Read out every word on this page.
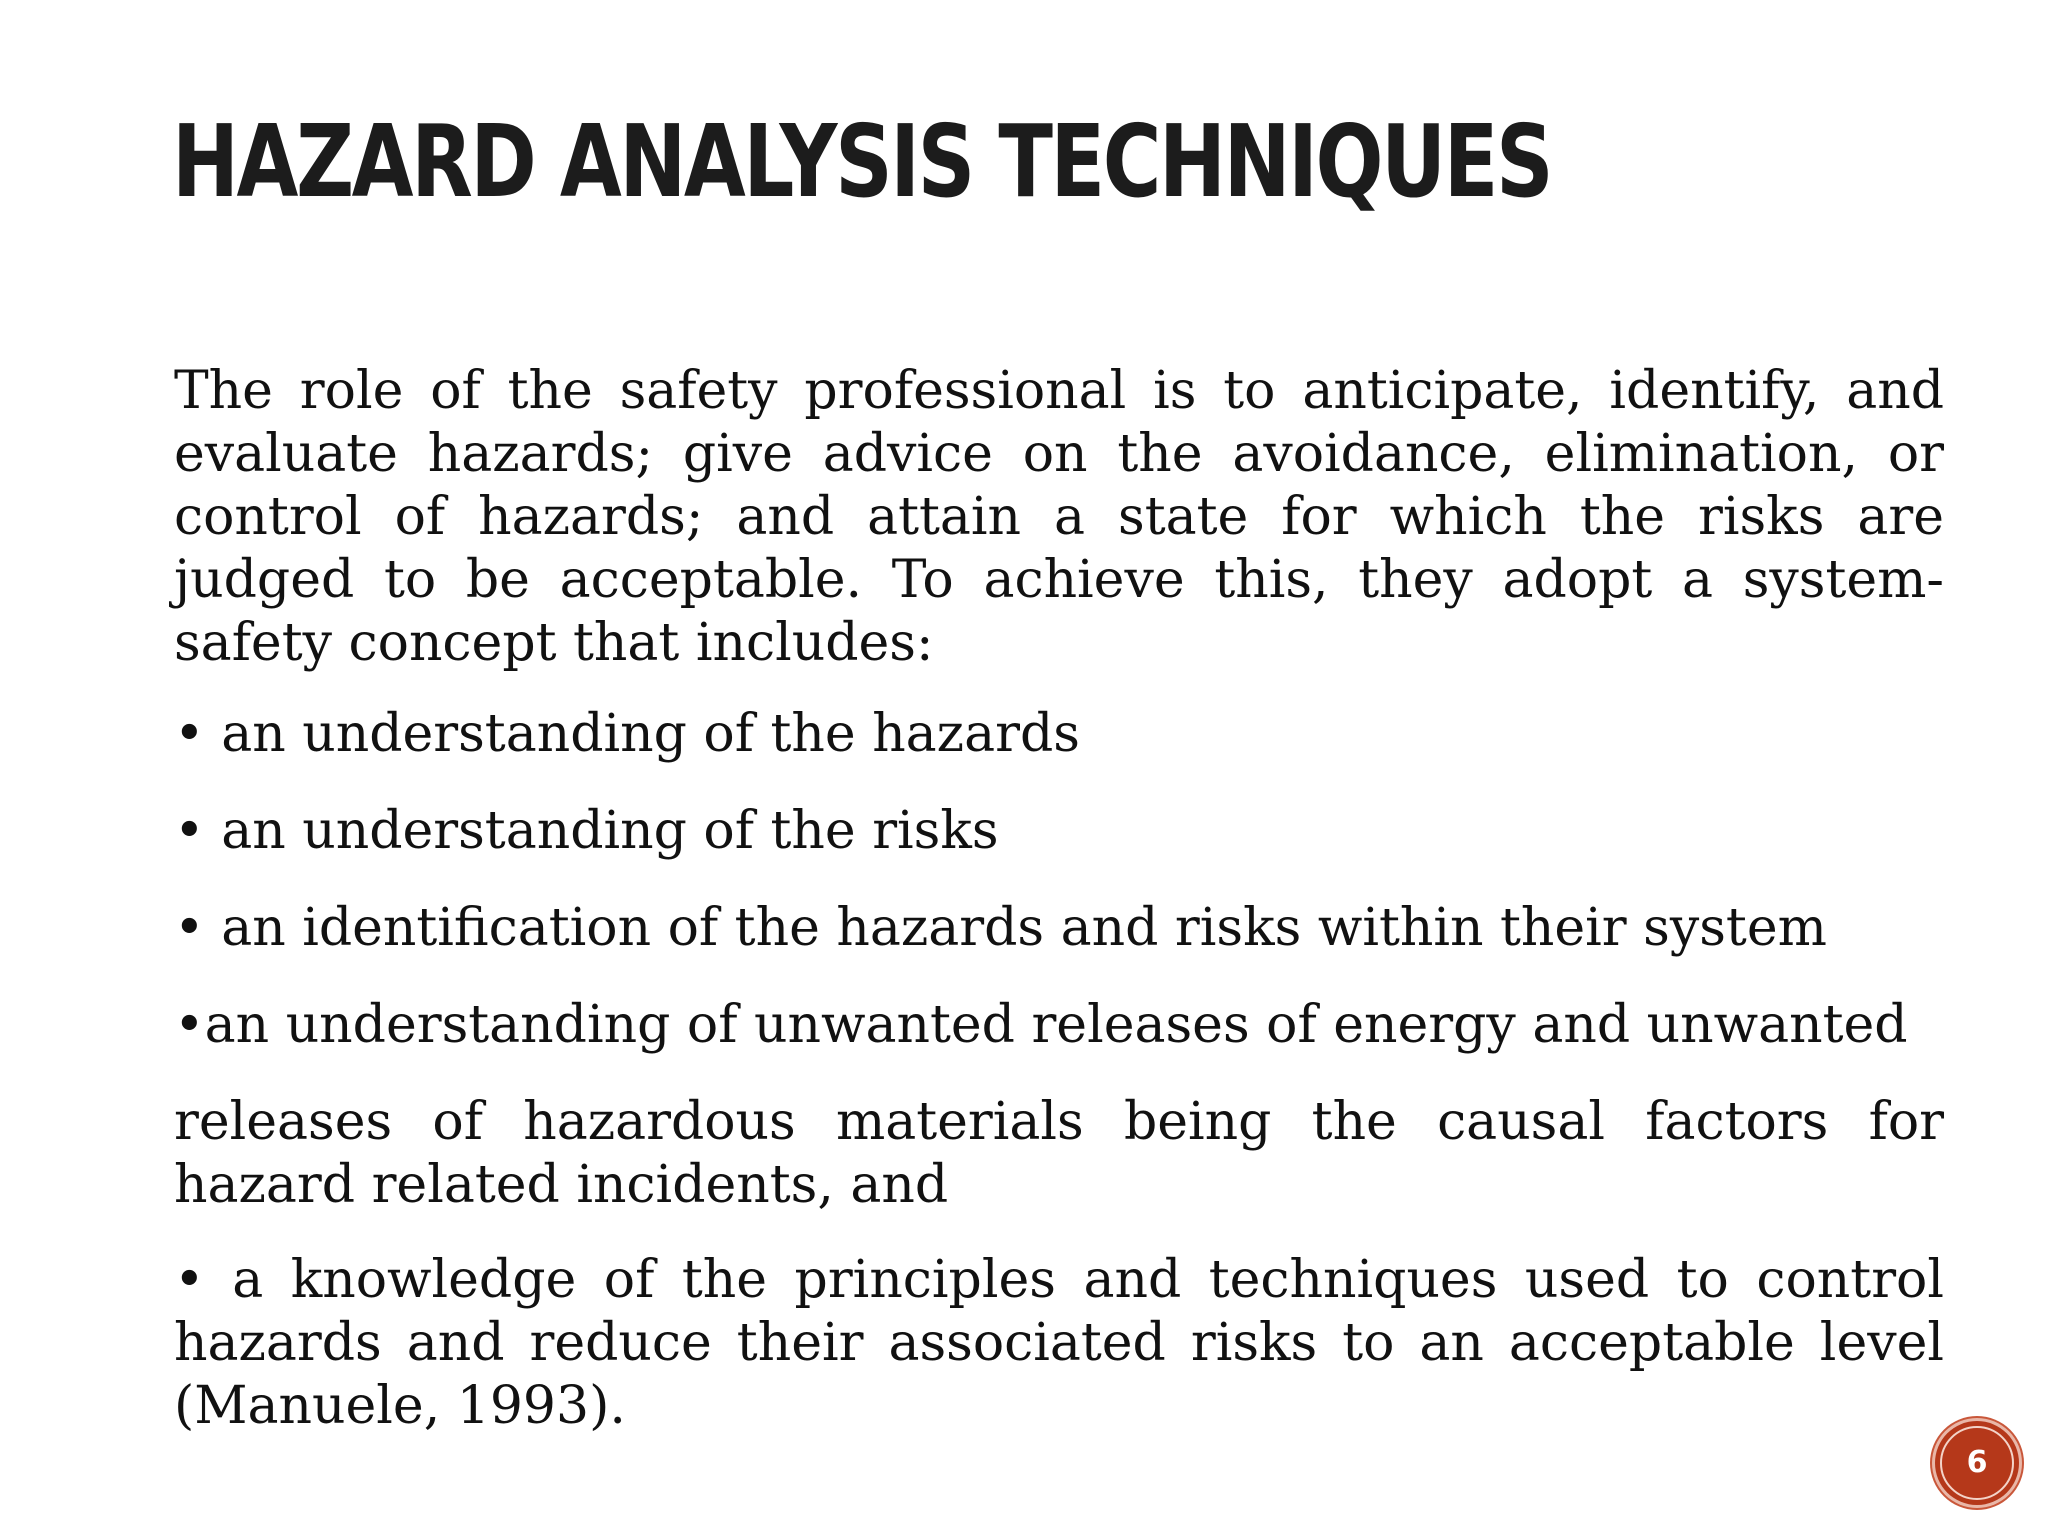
HAZARD ANALYSIS TECHNIQUES

The role of the safety professional is to anticipate, identify, and evaluate hazards; give advice on the avoidance, elimination, or control of hazards; and attain a state for which the risks are judged to be acceptable. To achieve this, they adopt a system-safety concept that includes:

• an understanding of the hazards

• an understanding of the risks

• an identification of the hazards and risks within their system

•an understanding of unwanted releases of energy and unwanted

releases of hazardous materials being the causal factors for hazard related incidents, and

• a knowledge of the principles and techniques used to control hazards and reduce their associated risks to an acceptable level (Manuele, 1993).

6
